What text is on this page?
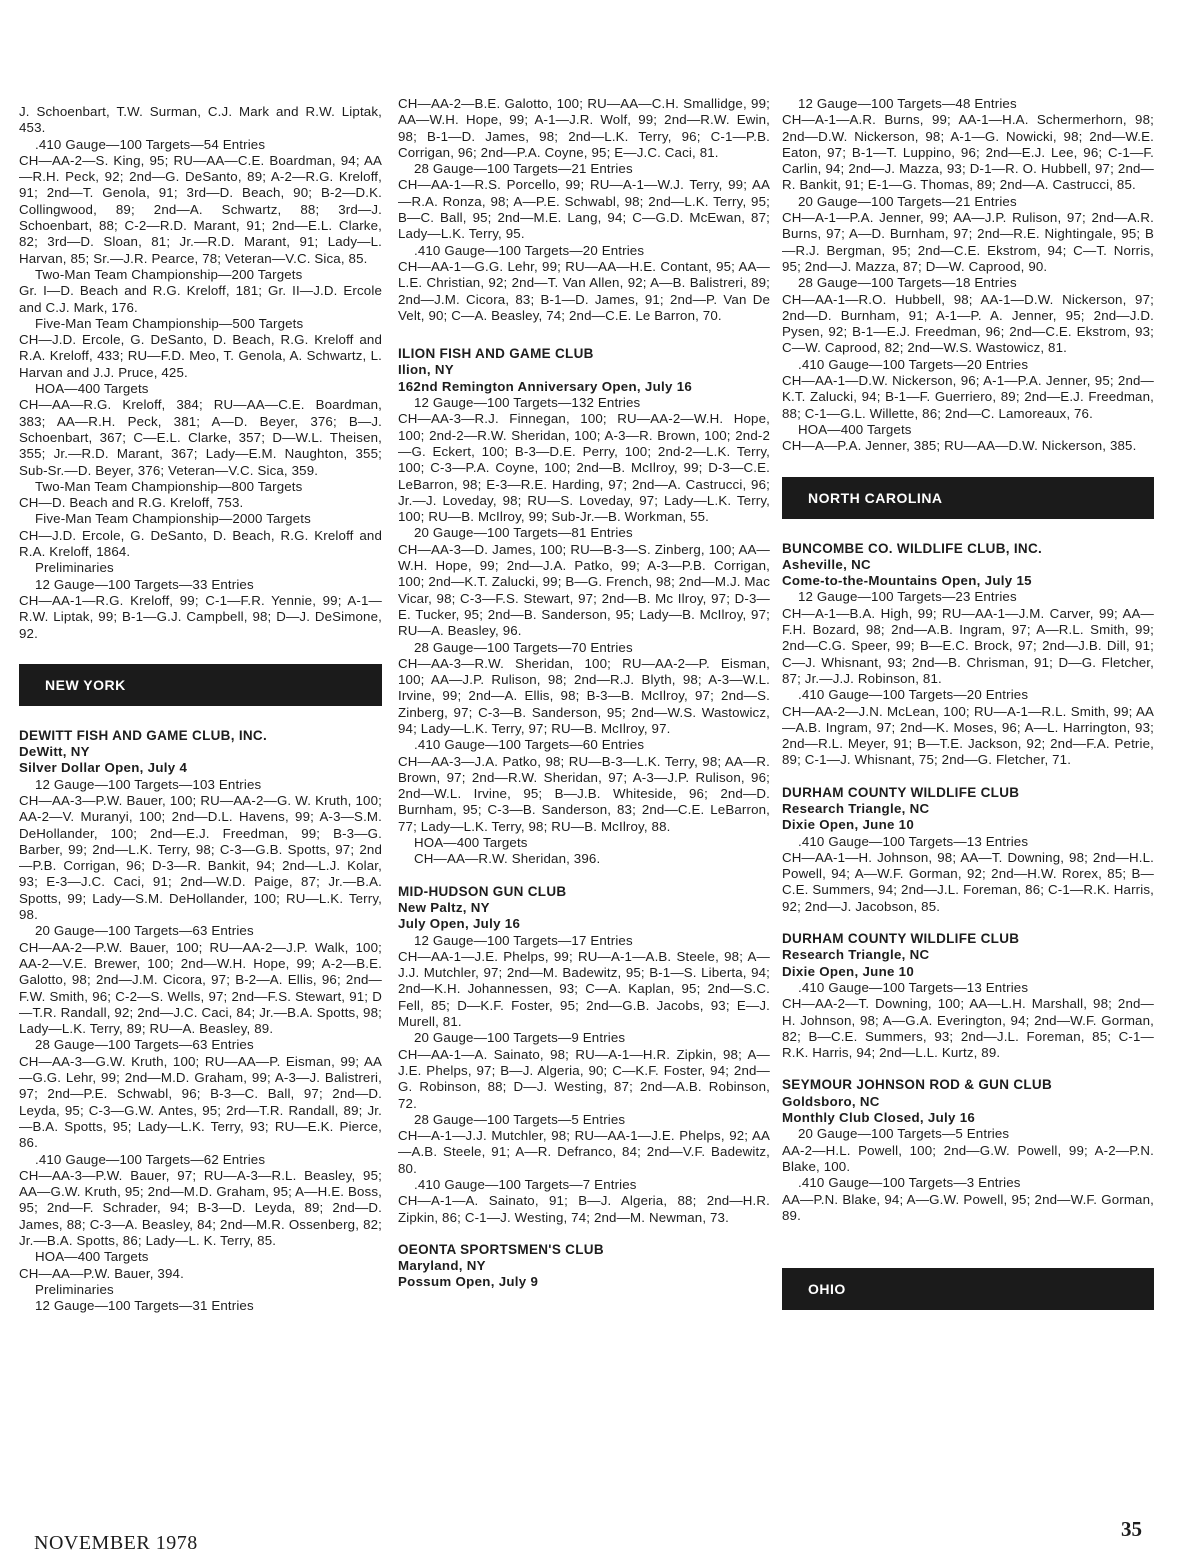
J. Schoenbart, T.W. Surman, C.J. Mark and R.W. Liptak, 453.

.410 Gauge—100 Targets—54 Entries

CH—AA-2—S. King, 95; RU—AA—C.E. Boardman, 94; AA—R.H. Peck, 92; 2nd—G. DeSanto, 89; A-2—R.G. Kreloff, 91; 2nd—T. Genola, 91; 3rd—D. Beach, 90; B-2—D.K. Collingwood, 89; 2nd—A. Schwartz, 88; 3rd—J. Schoenbart, 88; C-2—R.D. Marant, 91; 2nd—E.L. Clarke, 82; 3rd—D. Sloan, 81; Jr.—R.D. Marant, 91; Lady—L. Harvan, 85; Sr.—J.R. Pearce, 78; Veteran—V.C. Sica, 85.

Two-Man Team Championship—200 Targets

Gr. I—D. Beach and R.G. Kreloff, 181; Gr. II—J.D. Ercole and C.J. Mark, 176.

Five-Man Team Championship—500 Targets

CH—J.D. Ercole, G. DeSanto, D. Beach, R.G. Kreloff and R.A. Kreloff, 433; RU—F.D. Meo, T. Genola, A. Schwartz, L. Harvan and J.J. Pruce, 425.

HOA—400 Targets

CH—AA—R.G. Kreloff, 384; RU—AA—C.E. Boardman, 383; AA—R.H. Peck, 381; A—D. Beyer, 376; B—J. Schoenbart, 367; C—E.L. Clarke, 357; D—W.L. Theisen, 355; Jr.—R.D. Marant, 367; Lady—E.M. Naughton, 355; Sub-Sr.—D. Beyer, 376; Veteran—V.C. Sica, 359.

Two-Man Team Championship—800 Targets

CH—D. Beach and R.G. Kreloff, 753.

Five-Man Team Championship—2000 Targets

CH—J.D. Ercole, G. DeSanto, D. Beach, R.G. Kreloff and R.A. Kreloff, 1864.

Preliminaries

12 Gauge—100 Targets—33 Entries

CH—AA-1—R.G. Kreloff, 99; C-1—F.R. Yennie, 99; A-1—R.W. Liptak, 99; B-1—G.J. Campbell, 98; D—J. DeSimone, 92.

NEW YORK
DEWITT FISH AND GAME CLUB, INC.
DeWitt, NY
Silver Dollar Open, July 4

12 Gauge—100 Targets—103 Entries

CH—AA-3—P.W. Bauer, 100; RU—AA-2—G. W. Kruth, 100; AA-2—V. Muranyi, 100; 2nd—D.L. Havens, 99; A-3—S.M. DeHollander, 100; 2nd—E.J. Freedman, 99; B-3—G. Barber, 99; 2nd—L.K. Terry, 98; C-3—G.B. Spotts, 97; 2nd—P.B. Corrigan, 96; D-3—R. Bankit, 94; 2nd—L.J. Kolar, 93; E-3—J.C. Caci, 91; 2nd—W.D. Paige, 87; Jr.—B.A. Spotts, 99; Lady—S.M. DeHollander, 100; RU—L.K. Terry, 98.

20 Gauge—100 Targets—63 Entries

CH—AA-2—P.W. Bauer, 100; RU—AA-2—J.P. Walk, 100; AA-2—V.E. Brewer, 100; 2nd—W.H. Hope, 99; A-2—B.E. Galotto, 98; 2nd—J.M. Cicora, 97; B-2—A. Ellis, 96; 2nd—F.W. Smith, 96; C-2—S. Wells, 97; 2nd—F.S. Stewart, 91; D—T.R. Randall, 92; 2nd—J.C. Caci, 84; Jr.—B.A. Spotts, 98; Lady—L.K. Terry, 89; RU—A. Beasley, 89.

28 Gauge—100 Targets—63 Entries

CH—AA-3—G.W. Kruth, 100; RU—AA—P. Eisman, 99; AA—G.G. Lehr, 99; 2nd—M.D. Graham, 99; A-3—J. Balistreri, 97; 2nd—P.E. Schwabl, 96; B-3—C. Ball, 97; 2nd—D. Leyda, 95; C-3—G.W. Antes, 95; 2rd—T.R. Randall, 89; Jr.—B.A. Spotts, 95; Lady—L.K. Terry, 93; RU—E.K. Pierce, 86.

.410 Gauge—100 Targets—62 Entries

CH—AA-3—P.W. Bauer, 97; RU—A-3—R.L. Beasley, 95; AA—G.W. Kruth, 95; 2nd—M.D. Graham, 95; A—H.E. Boss, 95; 2nd—F. Schrader, 94; B-3—D. Leyda, 89; 2nd—D. James, 88; C-3—A. Beasley, 84; 2nd—M.R. Ossenberg, 82; Jr.—B.A. Spotts, 86; Lady—L. K. Terry, 85.

HOA—400 Targets

CH—AA—P.W. Bauer, 394.

Preliminaries

12 Gauge—100 Targets—31 Entries

CH—AA-2—B.E. Galotto, 100; RU—AA—C.H. Smallidge, 99; AA—W.H. Hope, 99; A-1—J.R. Wolf, 99; 2nd—R.W. Ewin, 98; B-1—D. James, 98; 2nd—L.K. Terry, 96; C-1—P.B. Corrigan, 96; 2nd—P.A. Coyne, 95; E—J.C. Caci, 81.

28 Gauge—100 Targets—21 Entries

CH—AA-1—R.S. Porcello, 99; RU—A-1—W.J. Terry, 99; AA—R.A. Ronza, 98; A—P.E. Schwabl, 98; 2nd—L.K. Terry, 95; B—C. Ball, 95; 2nd—M.E. Lang, 94; C—G.D. McEwan, 87; Lady—L.K. Terry, 95.

.410 Gauge—100 Targets—20 Entries

CH—AA-1—G.G. Lehr, 99; RU—AA—H.E. Contant, 95; AA—L.E. Christian, 92; 2nd—T. Van Allen, 92; A—B. Balistreri, 89; 2nd—J.M. Cicora, 83; B-1—D. James, 91; 2nd—P. Van De Velt, 90; C—A. Beasley, 74; 2nd—C.E. Le Barron, 70.

ILION FISH AND GAME CLUB
Ilion, NY
162nd Remington Anniversary Open, July 16

12 Gauge—100 Targets—132 Entries

CH—AA-3—R.J. Finnegan, 100; RU—AA-2—W.H. Hope, 100; 2nd-2—R.W. Sheridan, 100; A-3—R. Brown, 100; 2nd-2—G. Eckert, 100; B-3—D.E. Perry, 100; 2nd-2—L.K. Terry, 100; C-3—P.A. Coyne, 100; 2nd—B. McIlroy, 99; D-3—C.E. LeBarron, 98; E-3—R.E. Harding, 97; 2nd—A. Castrucci, 96; Jr.—J. Loveday, 98; RU—S. Loveday, 97; Lady—L.K. Terry, 100; RU—B. McIlroy, 99; Sub-Jr.—B. Workman, 55.

20 Gauge—100 Targets—81 Entries

CH—AA-3—D. James, 100; RU—B-3—S. Zinberg, 100; AA—W.H. Hope, 99; 2nd—J.A. Patko, 99; A-3—P.B. Corrigan, 100; 2nd—K.T. Zalucki, 99; B—G. French, 98; 2nd—M.J. Mac Vicar, 98; C-3—F.S. Stewart, 97; 2nd—B. Mc Ilroy, 97; D-3—E. Tucker, 95; 2nd—B. Sanderson, 95; Lady—B. McIlroy, 97; RU—A. Beasley, 96.

28 Gauge—100 Targets—70 Entries

CH—AA-3—R.W. Sheridan, 100; RU—AA-2—P. Eisman, 100; AA—J.P. Rulison, 98; 2nd—R.J. Blyth, 98; A-3—W.L. Irvine, 99; 2nd—A. Ellis, 98; B-3—B. McIlroy, 97; 2nd—S. Zinberg, 97; C-3—B. Sanderson, 95; 2nd—W.S. Wastowicz, 94; Lady—L.K. Terry, 97; RU—B. McIlroy, 97.

.410 Gauge—100 Targets—60 Entries

CH—AA-3—J.A. Patko, 98; RU—B-3—L.K. Terry, 98; AA—R. Brown, 97; 2nd—R.W. Sheridan, 97; A-3—J.P. Rulison, 96; 2nd—W.L. Irvine, 95; B—J.B. Whiteside, 96; 2nd—D. Burnham, 95; C-3—B. Sanderson, 83; 2nd—C.E. LeBarron, 77; Lady—L.K. Terry, 98; RU—B. McIlroy, 88.

HOA—400 Targets

CH—AA—R.W. Sheridan, 396.

MID-HUDSON GUN CLUB
New Paltz, NY
July Open, July 16

12 Gauge—100 Targets—17 Entries

CH—AA-1—J.E. Phelps, 99; RU—A-1—A.B. Steele, 98; A—J.J. Mutchler, 97; 2nd—M. Badewitz, 95; B-1—S. Liberta, 94; 2nd—K.H. Johannessen, 93; C—A. Kaplan, 95; 2nd—S.C. Fell, 85; D—K.F. Foster, 95; 2nd—G.B. Jacobs, 93; E—J. Murell, 81.

20 Gauge—100 Targets—9 Entries

CH—AA-1—A. Sainato, 98; RU—A-1—H.R. Zipkin, 98; A—J.E. Phelps, 97; B—J. Algeria, 90; C—K.F. Foster, 94; 2nd—G. Robinson, 88; D—J. Westing, 87; 2nd—A.B. Robinson, 72.

28 Gauge—100 Targets—5 Entries

CH—A-1—J.J. Mutchler, 98; RU—AA-1—J.E. Phelps, 92; AA—A.B. Steele, 91; A—R. Defranco, 84; 2nd—V.F. Badewitz, 80.

.410 Gauge—100 Targets—7 Entries

CH—A-1—A. Sainato, 91; B—J. Algeria, 88; 2nd—H.R. Zipkin, 86; C-1—J. Westing, 74; 2nd—M. Newman, 73.

OEONTA SPORTSMEN'S CLUB
Maryland, NY
Possum Open, July 9

12 Gauge—100 Targets—48 Entries

CH—A-1—A.R. Burns, 99; AA-1—H.A. Schermerhorn, 98; 2nd—D.W. Nickerson, 98; A-1—G. Nowicki, 98; 2nd—W.E. Eaton, 97; B-1—T. Luppino, 96; 2nd—E.J. Lee, 96; C-1—F. Carlin, 94; 2nd—J. Mazza, 93; D-1—R. O. Hubbell, 97; 2nd—R. Bankit, 91; E-1—G. Thomas, 89; 2nd—A. Castrucci, 85.

20 Gauge—100 Targets—21 Entries

CH—A-1—P.A. Jenner, 99; AA—J.P. Rulison, 97; 2nd—A.R. Burns, 97; A—D. Burnham, 97; 2nd—R.E. Nightingale, 95; B—R.J. Bergman, 95; 2nd—C.E. Ekstrom, 94; C—T. Norris, 95; 2nd—J. Mazza, 87; D—W. Caprood, 90.

28 Gauge—100 Targets—18 Entries

CH—AA-1—R.O. Hubbell, 98; AA-1—D.W. Nickerson, 97; 2nd—D. Burnham, 91; A-1—P. A. Jenner, 95; 2nd—J.D. Pysen, 92; B-1—E.J. Freedman, 96; 2nd—C.E. Ekstrom, 93; C—W. Caprood, 82; 2nd—W.S. Wastowicz, 81.

.410 Gauge—100 Targets—20 Entries

CH—AA-1—D.W. Nickerson, 96; A-1—P.A. Jenner, 95; 2nd—K.T. Zalucki, 94; B-1—F. Guerriero, 89; 2nd—E.J. Freedman, 88; C-1—G.L. Willette, 86; 2nd—C. Lamoreaux, 76.

HOA—400 Targets

CH—A—P.A. Jenner, 385; RU—AA—D.W. Nickerson, 385.

NORTH CAROLINA
BUNCOMBE CO. WILDLIFE CLUB, INC.
Asheville, NC
Come-to-the-Mountains Open, July 15

12 Gauge—100 Targets—23 Entries

CH—A-1—B.A. High, 99; RU—AA-1—J.M. Carver, 99; AA—F.H. Bozard, 98; 2nd—A.B. Ingram, 97; A—R.L. Smith, 99; 2nd—C.G. Speer, 99; B—E.C. Brock, 97; 2nd—J.B. Dill, 91; C—J. Whisnant, 93; 2nd—B. Chrisman, 91; D—G. Fletcher, 87; Jr.—J.J. Robinson, 81.

.410 Gauge—100 Targets—20 Entries

CH—AA-2—J.N. McLean, 100; RU—A-1—R.L. Smith, 99; AA—A.B. Ingram, 97; 2nd—K. Moses, 96; A—L. Harrington, 93; 2nd—R.L. Meyer, 91; B—T.E. Jackson, 92; 2nd—F.A. Petrie, 89; C-1—J. Whisnant, 75; 2nd—G. Fletcher, 71.

DURHAM COUNTY WILDLIFE CLUB
Research Triangle, NC
Dixie Open, June 10

.410 Gauge—100 Targets—13 Entries

CH—AA-1—H. Johnson, 98; AA—T. Downing, 98; 2nd—H.L. Powell, 94; A—W.F. Gorman, 92; 2nd—H.W. Rorex, 85; B—C.E. Summers, 94; 2nd—J.L. Foreman, 86; C-1—R.K. Harris, 92; 2nd—J. Jacobson, 85.

DURHAM COUNTY WILDLIFE CLUB
Research Triangle, NC
Dixie Open, June 10

.410 Gauge—100 Targets—13 Entries

CH—AA-2—T. Downing, 100; AA—L.H. Marshall, 98; 2nd—H. Johnson, 98; A—G.A. Everington, 94; 2nd—W.F. Gorman, 82; B—C.E. Summers, 93; 2nd—J.L. Foreman, 85; C-1—R.K. Harris, 94; 2nd—L.L. Kurtz, 89.

SEYMOUR JOHNSON ROD & GUN CLUB
Goldsboro, NC
Monthly Club Closed, July 16

20 Gauge—100 Targets—5 Entries

AA-2—H.L. Powell, 100; 2nd—G.W. Powell, 99; A-2—P.N. Blake, 100.

.410 Gauge—100 Targets—3 Entries

AA—P.N. Blake, 94; A—G.W. Powell, 95; 2nd—W.F. Gorman, 89.

OHIO
NOVEMBER 1978
35
